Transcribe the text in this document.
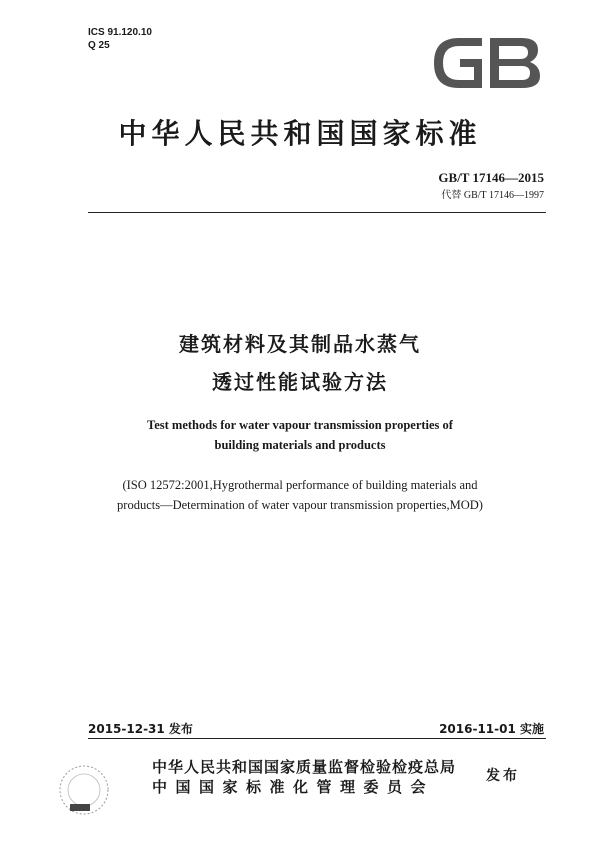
ICS 91.120.10
Q 25
中华人民共和国国家标准
GB/T 17146—2015
代替 GB/T 17146—1997
建筑材料及其制品水蒸气
透过性能试验方法
Test methods for water vapour transmission properties of
building materials and products
(ISO 12572:2001,Hygrothermal performance of building materials and
products—Determination of water vapour transmission properties,MOD)
2015-12-31 发布	2016-11-01 实施
中华人民共和国国家质量监督检验检疫总局
中国国家标准化管理委员会
发布
